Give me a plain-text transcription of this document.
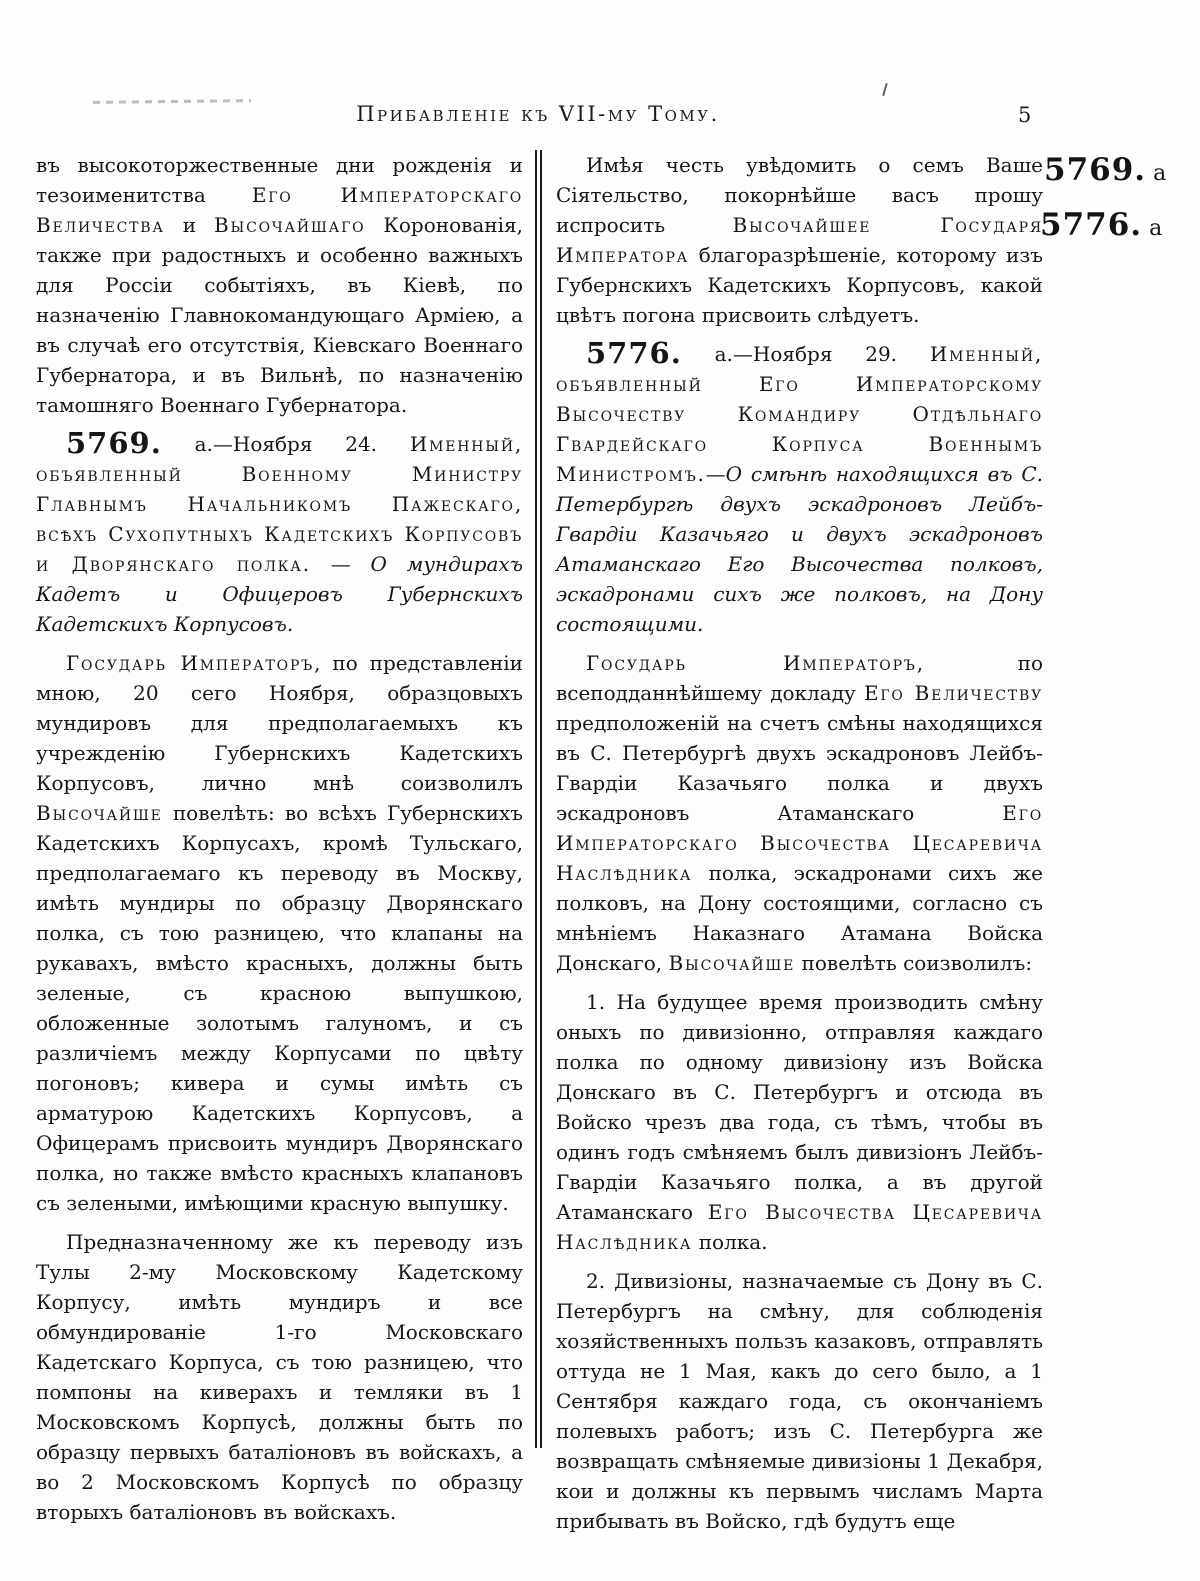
Прибавленіе къ VII-му Тому.	5

въ высокоторжественные дни рожденія и тезоименитства Его Императорскаго Величества и Высочайшаго Коронованія, также при радостныхъ и особенно важныхъ для Россіи событіяхъ, въ Кіевѣ, по назначенію Главнокомандующаго Арміею, а въ случаѣ его отсутствія, Кіевскаго Военнаго Губернатора, и въ Вильнѣ, по назначенію тамошняго Военнаго Губернатора.

5769. а.—Ноября 24. Именный, объявленный Военному Министру Главнымъ Начальникомъ Пажескаго, всѣхъ Сухопутныхъ Кадетскихъ Корпусовъ и Дворянскаго полка. — О мундирахъ Кадетъ и Офицеровъ Губернскихъ Кадетскихъ Корпусовъ.

Государь Императоръ, по представленіи мною, 20 сего Ноября, образцовыхъ мундировъ для предполагаемыхъ къ учрежденію Губернскихъ Кадетскихъ Корпусовъ, лично мнѣ соизволилъ Высочайше повелѣть: во всѣхъ Губернскихъ Кадетскихъ Корпусахъ, кромѣ Тульскаго, предполагаемаго къ переводу въ Москву, имѣть мундиры по образцу Дворянскаго полка, съ тою разницею, что клапаны на рукавахъ, вмѣсто красныхъ, должны быть зеленые, съ красною выпушкою, обложенные золотымъ галуномъ, и съ различіемъ между Корпусами по цвѣту погоновъ; кивера и сумы имѣть съ арматурою Кадетскихъ Корпусовъ, а Офицерамъ присвоить мундиръ Дворянскаго полка, но также вмѣсто красныхъ клапановъ съ зелеными, имѣющими красную выпушку.

Предназначенному же къ переводу изъ Тулы 2-му Московскому Кадетскому Корпусу, имѣть мундиръ и все обмундированіе 1-го Московскаго Кадетскаго Корпуса, съ тою разницею, что помпоны на киверахъ и темляки въ 1 Московскомъ Корпусѣ, должны быть по образцу первыхъ баталіоновъ въ войскахъ, а во 2 Московскомъ Корпусѣ по образцу вторыхъ баталіоновъ въ войскахъ.

Имѣя честь увѣдомить о семъ Ваше Сіятельство, покорнѣйше васъ прошу испросить Высочайшее Государя Императора благоразрѣшеніе, которому изъ Губернскихъ Кадетскихъ Корпусовъ, какой цвѣтъ погона присвоить слѣдуетъ.

5776. а.—Ноября 29. Именный, объявленный Его Императорскому Высочеству Командиру Отдѣльнаго Гвардейскаго Корпуса Военнымъ Министромъ.—О смѣнѣ находящихся въ С. Петербургѣ двухъ эскадроновъ Лейбъ-Гвардіи Казачьяго и двухъ эскадроновъ Атаманскаго Его Высочества полковъ, эскадронами сихъ же полковъ, на Дону состоящими.

Государь Императоръ, по всеподданнѣйшему докладу Его Величеству предположеній на счетъ смѣны находящихся въ С. Петербургѣ двухъ эскадроновъ Лейбъ-Гвардіи Казачьяго полка и двухъ эскадроновъ Атаманскаго Его Императорскаго Высочества Цесаревича Наслѣдника полка, эскадронами сихъ же полковъ, на Дону состоящими, согласно съ мнѣніемъ Наказнаго Атамана Войска Донскаго, Высочайше повелѣть соизволилъ:

1. На будущее время производить смѣну оныхъ по дивизіонно, отправляя каждаго полка по одному дивизіону изъ Войска Донскаго въ С. Петербургъ и отсюда въ Войско чрезъ два года, съ тѣмъ, чтобы въ одинъ годъ смѣняемъ былъ дивизіонъ Лейбъ-Гвардіи Казачьяго полка, а въ другой Атаманскаго Его Высочества Цесаревича Наслѣдника полка.

2. Дивизіоны, назначаемые съ Дону въ С. Петербургъ на смѣну, для соблюденія хозяйственныхъ пользъ казаковъ, отправлять оттуда не 1 Мая, какъ до сего было, а 1 Сентября каждаго года, съ окончаніемъ полевыхъ работъ; изъ С. Петербурга же возвращать смѣняемые дивизіоны 1 Декабря, кои и должны къ первымъ числамъ Марта прибывать въ Войско, гдѣ будутъ еще

5769. а
5776. а
